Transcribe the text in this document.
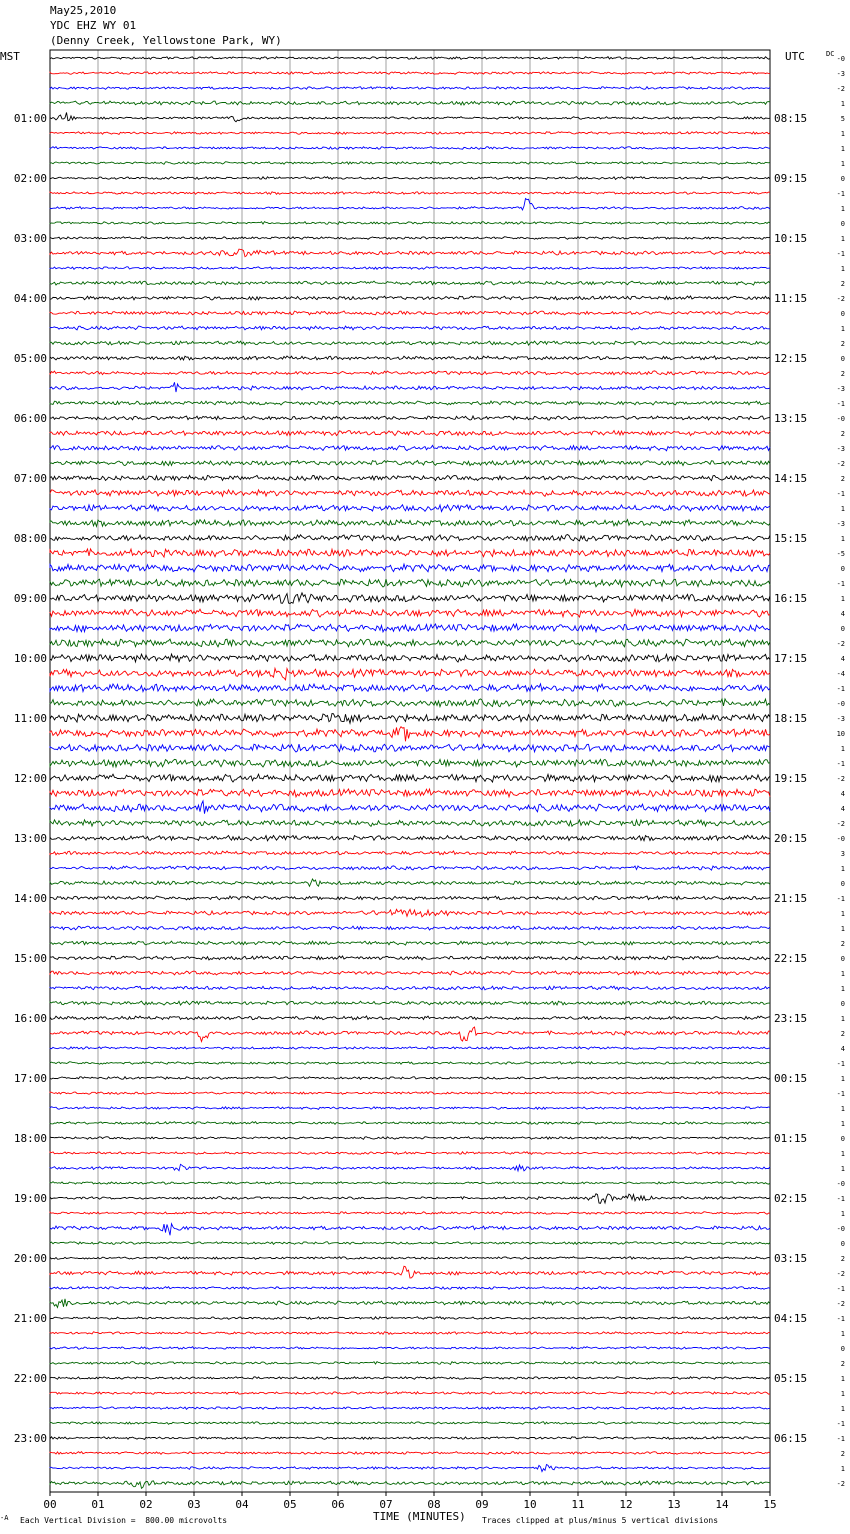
May25,2010
YDC EHZ WY 01
(Denny Creek, Yellowstone Park, WY)
MST	UTC	DC
01:00
02:00
03:00
04:00
05:00
06:00
07:00
08:00
09:00
10:00
11:00
12:00
13:00
14:00
15:00
16:00
17:00
18:00
19:00
20:00
21:00
22:00
23:00
08:15
09:15
10:15
11:15
12:15
13:15
14:15
15:15
16:15
17:15
18:15
19:15
20:15
21:15
22:15
23:15
00:15
01:15
02:15
03:15
04:15
05:15
06:15
-0
-3
-2
1
5
1
1
1
0
-1
1
0
1
-1
1
2
-2
0
1
2
0
2
-3
-1
-0
2
-3
-2
2
-1
1
-3
1
-5
0
-1
1
4
0
-2
4
-4
-1
-0
-3
10
1
-1
-2
4
4
-2
-0
3
1
0
-1
1
1
2
0
1
1
0
1
2
4
-1
1
-1
1
1
0
1
1
-0
-1
1
-0
0
2
-2
-1
-2
-1
1
0
2
1
1
1
-1
-1
2
1
-2
00	01	02	03	04	05	06	07	08	09	10	11	12	13	14	15
-A Each Vertical Division =  800.00 microvolts	TIME (MINUTES) Traces clipped at plus/minus 5 vertical divisions
